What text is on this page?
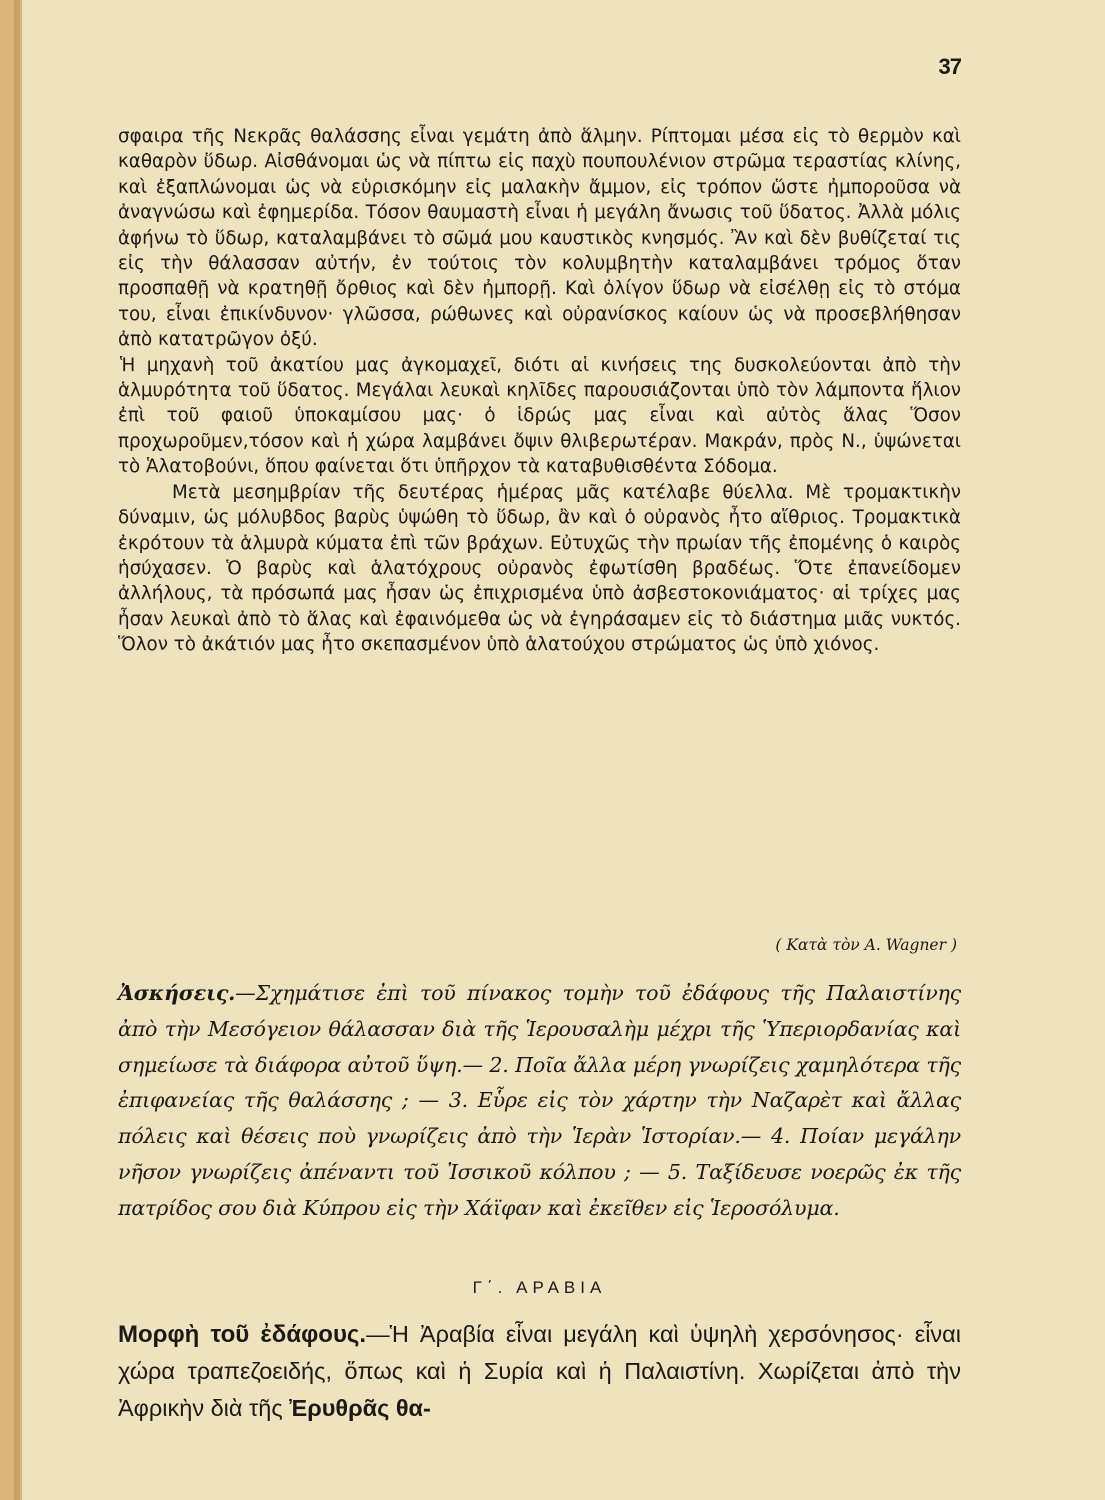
37

σφαιρα τῆς Νεκρᾶς θαλάσσης εἶναι γεμάτη ἀπὸ ἅλμην. Ρίπτομαι μέσα εἰς τὸ θερμὸν καὶ καθαρὸν ὕδωρ. Αἰσθάνομαι ὡς νὰ πίπτω εἰς παχὺ πουπουλένιον στρῶμα τεραστίας κλίνης, καὶ ἐξαπλώνομαι ὡς νὰ εὑρισκόμην εἰς μαλακὴν ἄμμον, εἰς τρόπον ὥστε ἠμποροῦσα νὰ ἀναγνώσω καὶ ἐφημερίδα. Τόσον θαυμαστὴ εἶναι ἡ μεγάλη ἄνωσις τοῦ ὕδατος. Ἀλλὰ μόλις ἀφήνω τὸ ὕδωρ, καταλαμβάνει τὸ σῶμά μου καυστικὸς κνησμός. Ἂν καὶ δὲν βυθίζεταί τις εἰς τὴν θάλασσαν αὐτήν, ἐν τούτοις τὸν κολυμβητὴν καταλαμβάνει τρόμος ὅταν προσπαθῇ νὰ κρατηθῇ ὄρθιος καὶ δὲν ἠμπορῇ. Καὶ ὀλίγον ὕδωρ νὰ εἰσέλθῃ εἰς τὸ στόμα του, εἶναι ἐπικίνδυνον· γλῶσσα, ρώθωνες καὶ οὐρανίσκος καίουν ὡς νὰ προσεβλήθησαν ἀπὸ κατατρῶγον ὀξύ.

Ἡ μηχανὴ τοῦ ἀκατίου μας ἀγκομαχεῖ, διότι αἱ κινήσεις της δυσκολεύονται ἀπὸ τὴν ἁλμυρότητα τοῦ ὕδατος. Μεγάλαι λευκαὶ κηλῖδες παρουσιάζονται ὑπὸ τὸν λάμποντα ἥλιον ἐπὶ τοῦ φαιοῦ ὑποκαμίσου μας· ὁ ἱδρώς μας εἶναι καὶ αὐτὸς ἅλας Ὅσον προχωροῦμεν,τόσον καὶ ἡ χώρα λαμβάνει ὄψιν θλιβερωτέραν. Μακράν, πρὸς Ν., ὑψώνεται τὸ Ἁλατοβούνι, ὅπου φαίνεται ὅτι ὑπῆρχον τὰ καταβυθισθέντα Σόδομα.

Μετὰ μεσημβρίαν τῆς δευτέρας ἡμέρας μᾶς κατέλαβε θύελλα. Μὲ τρομακτικὴν δύναμιν, ὡς μόλυβδος βαρὺς ὑψώθη τὸ ὕδωρ, ἂν καὶ ὁ οὐρανὸς ἦτο αἴθριος. Τρομακτικὰ ἐκρότουν τὰ ἁλμυρὰ κύματα ἐπὶ τῶν βράχων. Εὐτυχῶς τὴν πρωίαν τῆς ἐπομένης ὁ καιρὸς ἡσύχασεν. Ὁ βαρὺς καὶ ἁλατόχρους οὐρανὸς ἐφωτίσθη βραδέως. Ὅτε ἐπανείδομεν ἀλλήλους, τὰ πρόσωπά μας ἦσαν ὡς ἐπιχρισμένα ὑπὸ ἀσβεστοκονιάματος· αἱ τρίχες μας ἦσαν λευκαὶ ἀπὸ τὸ ἅλας καὶ ἐφαινόμεθα ὡς νὰ ἐγηράσαμεν εἰς τὸ διάστημα μιᾶς νυκτός. Ὅλον τὸ ἀκάτιόν μας ἦτο σκεπασμένον ὑπὸ ἁλατούχου στρώματος ὡς ὑπὸ χιόνος.

( Κατὰ τὸν Α. Wagner )
Ἀσκήσεις.—Σχημάτισε ἐπὶ τοῦ πίνακος τομὴν τοῦ ἐδάφους τῆς Παλαιστίνης ἀπὸ τὴν Μεσόγειον θάλασσαν διὰ τῆς Ἱερουσαλὴμ μέχρι τῆς Ὑπεριορδανίας καὶ σημείωσε τὰ διάφορα αὐτοῦ ὕψη.— 2. Ποῖα ἄλλα μέρη γνωρίζεις χαμηλότερα τῆς ἐπιφανείας τῆς θαλάσσης ; — 3. Εὗρε εἰς τὸν χάρτην τὴν Ναζαρὲτ καὶ ἄλλας πόλεις καὶ θέσεις ποὺ γνωρίζεις ἀπὸ τὴν Ἱερὰν Ἱστορίαν.— 4. Ποίαν μεγάλην νῆσον γνωρίζεις ἀπέναντι τοῦ Ἰσσικοῦ κόλπου ; — 5. Ταξίδευσε νοερῶς ἐκ τῆς πατρίδος σου διὰ Κύπρου εἰς τὴν Χάϊφαν καὶ ἐκεῖθεν εἰς Ἱεροσόλυμα.
Γ΄. ΑΡΑΒΙΑ
Μορφὴ τοῦ ἐδάφους.—Ἡ Ἀραβία εἶναι μεγάλη καὶ ὑψηλὴ χερσόνησος· εἶναι χώρα τραπεζοειδής, ὅπως καὶ ἡ Συρία καὶ ἡ Παλαιστίνη. Χωρίζεται ἀπὸ τὴν Ἀφρικὴν διὰ τῆς Ἐρυθρᾶς θα-
